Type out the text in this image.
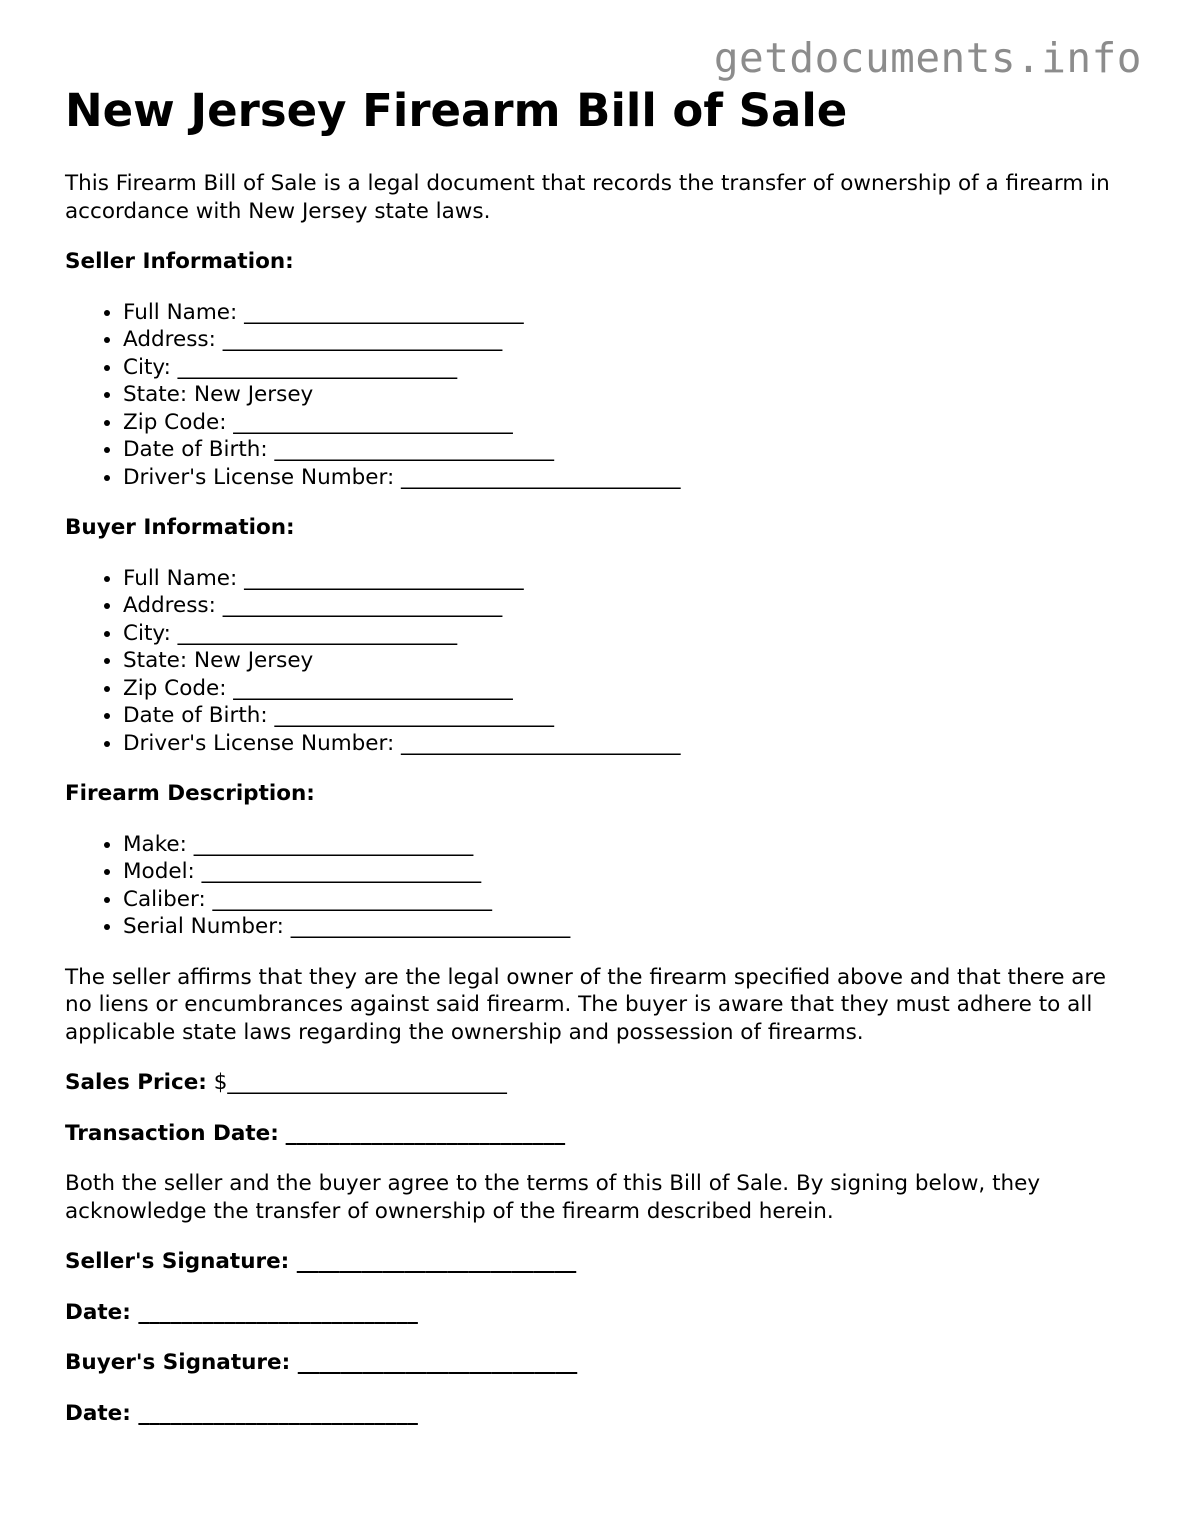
getdocuments.info
New Jersey Firearm Bill of Sale

This Firearm Bill of Sale is a legal document that records the transfer of ownership of a firearm in accordance with New Jersey state laws.

Seller Information:
• Full Name: __________________________
• Address: __________________________
• City: __________________________
• State: New Jersey
• Zip Code: __________________________
• Date of Birth: __________________________
• Driver's License Number: __________________________
Buyer Information:
• Full Name: __________________________
• Address: __________________________
• City: __________________________
• State: New Jersey
• Zip Code: __________________________
• Date of Birth: __________________________
• Driver's License Number: __________________________
Firearm Description:
• Make: __________________________
• Model: __________________________
• Caliber: __________________________
• Serial Number: __________________________

The seller affirms that they are the legal owner of the firearm specified above and that there are no liens or encumbrances against said firearm. The buyer is aware that they must adhere to all applicable state laws regarding the ownership and possession of firearms.

Sales Price: $__________________________
Transaction Date: __________________________

Both the seller and the buyer agree to the terms of this Bill of Sale. By signing below, they acknowledge the transfer of ownership of the firearm described herein.

Seller's Signature: __________________________
Date: __________________________
Buyer's Signature: __________________________
Date: __________________________
